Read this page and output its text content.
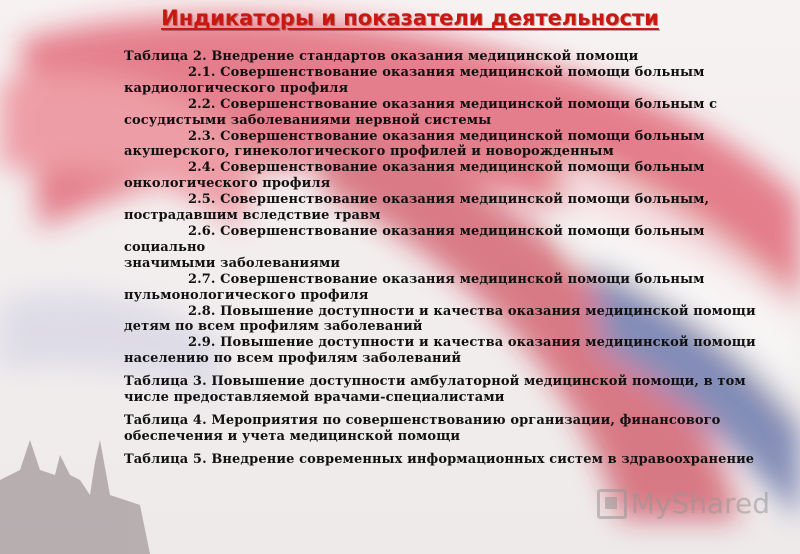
Индикаторы и показатели деятельности

Таблица 2. Внедрение стандартов оказания медицинской помощи

2.1. Совершенствование оказания медицинской помощи больным

кардиологического профиля

2.2. Совершенствование оказания медицинской помощи больным с

сосудистыми заболеваниями нервной системы

2.3. Совершенствование оказания медицинской помощи больным

акушерского, гинекологического профилей и новорожденным

2.4. Совершенствование оказания медицинской помощи больным

онкологического профиля

2.5. Совершенствование оказания медицинской помощи больным,

пострадавшим вследствие травм

2.6. Совершенствование оказания медицинской помощи больным социально

значимыми заболеваниями

2.7. Совершенствование оказания медицинской помощи больным

пульмонологического профиля

2.8. Повышение доступности и качества оказания медицинской помощи

детям по всем профилям заболеваний

2.9. Повышение доступности и качества оказания медицинской помощи

населению по всем профилям заболеваний

Таблица 3. Повышение доступности амбулаторной медицинской помощи, в том

числе предоставляемой врачами-специалистами

Таблица 4. Мероприятия по совершенствованию организации, финансового

обеспечения и учета медицинской помощи

Таблица 5. Внедрение современных информационных систем в здравоохранение

MyShared
